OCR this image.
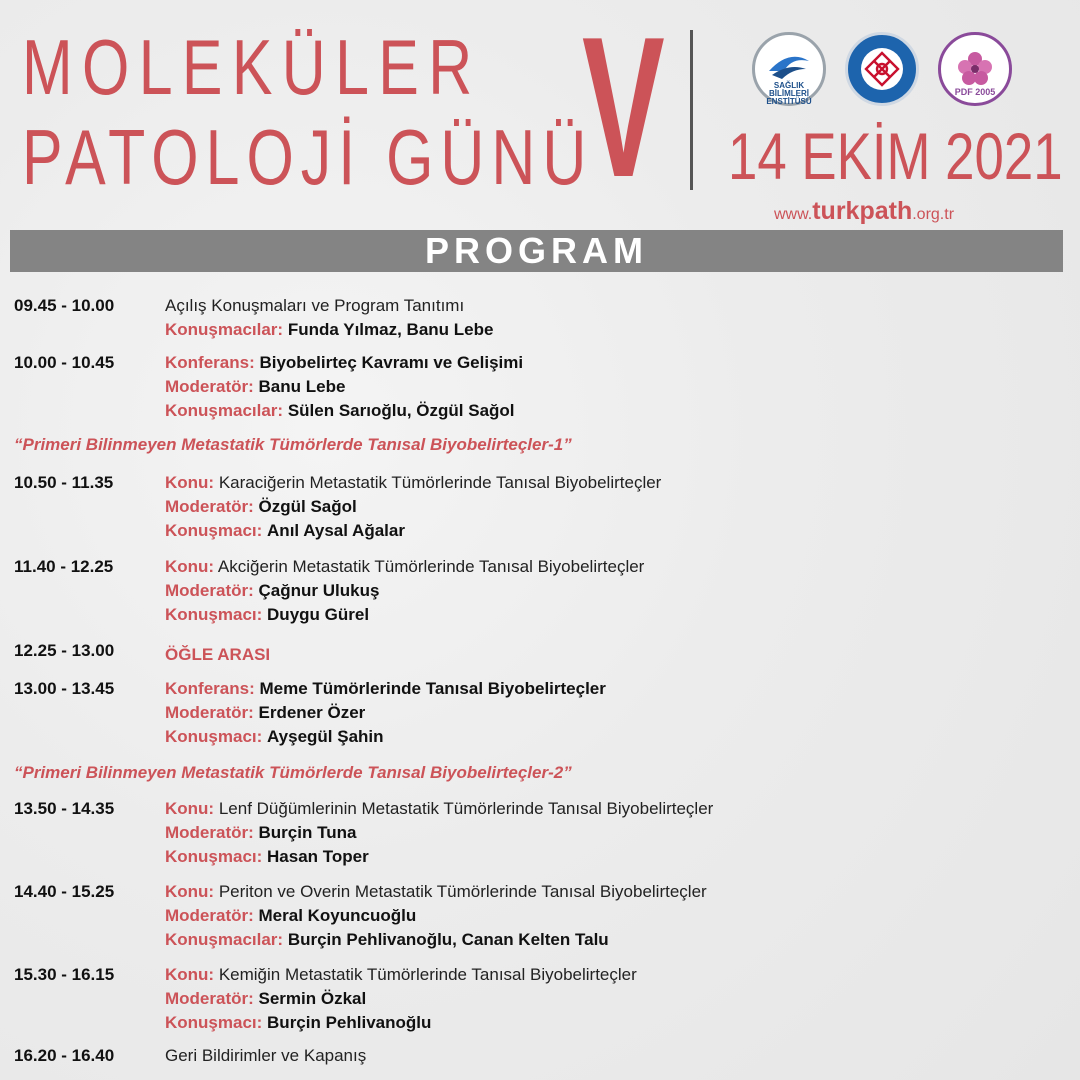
MOLEKÜLER
PATOLOJİ GÜNÜ
V	SAĞLIK BİLİMLERİ ENSTİTÜSÜ
PDF 2005
14 EKİM 2021
www.turkpath.org.tr
PROGRAM
09.45 - 10.00	Açılış Konuşmaları ve Program Tanıtımı
Konuşmacılar: Funda Yılmaz, Banu Lebe
10.00 - 10.45	Konferans: Biyobelirteç Kavramı ve Gelişimi
Moderatör: Banu Lebe
Konuşmacılar: Sülen Sarıoğlu, Özgül Sağol
“Primeri Bilinmeyen Metastatik Tümörlerde Tanısal Biyobelirteçler-1”
10.50 - 11.35	Konu: Karaciğerin Metastatik Tümörlerinde Tanısal Biyobelirteçler
Moderatör: Özgül Sağol
Konuşmacı: Anıl Aysal Ağalar
11.40 - 12.25	Konu: Akciğerin Metastatik Tümörlerinde Tanısal Biyobelirteçler
Moderatör: Çağnur Ulukuş
Konuşmacı: Duygu Gürel
12.25 - 13.00	ÖĞLE ARASI
13.00 - 13.45	Konferans: Meme Tümörlerinde Tanısal Biyobelirteçler
Moderatör: Erdener Özer
Konuşmacı: Ayşegül Şahin
“Primeri Bilinmeyen Metastatik Tümörlerde Tanısal Biyobelirteçler-2”
13.50 - 14.35	Konu: Lenf Düğümlerinin Metastatik Tümörlerinde Tanısal Biyobelirteçler
Moderatör: Burçin Tuna
Konuşmacı: Hasan Toper
14.40 - 15.25	Konu: Periton ve Overin Metastatik Tümörlerinde Tanısal Biyobelirteçler
Moderatör: Meral Koyuncuoğlu
Konuşmacılar: Burçin Pehlivanoğlu, Canan Kelten Talu
15.30 - 16.15	Konu: Kemiğin Metastatik Tümörlerinde Tanısal Biyobelirteçler
Moderatör: Sermin Özkal
Konuşmacı: Burçin Pehlivanoğlu
16.20 - 16.40	Geri Bildirimler ve Kapanış
